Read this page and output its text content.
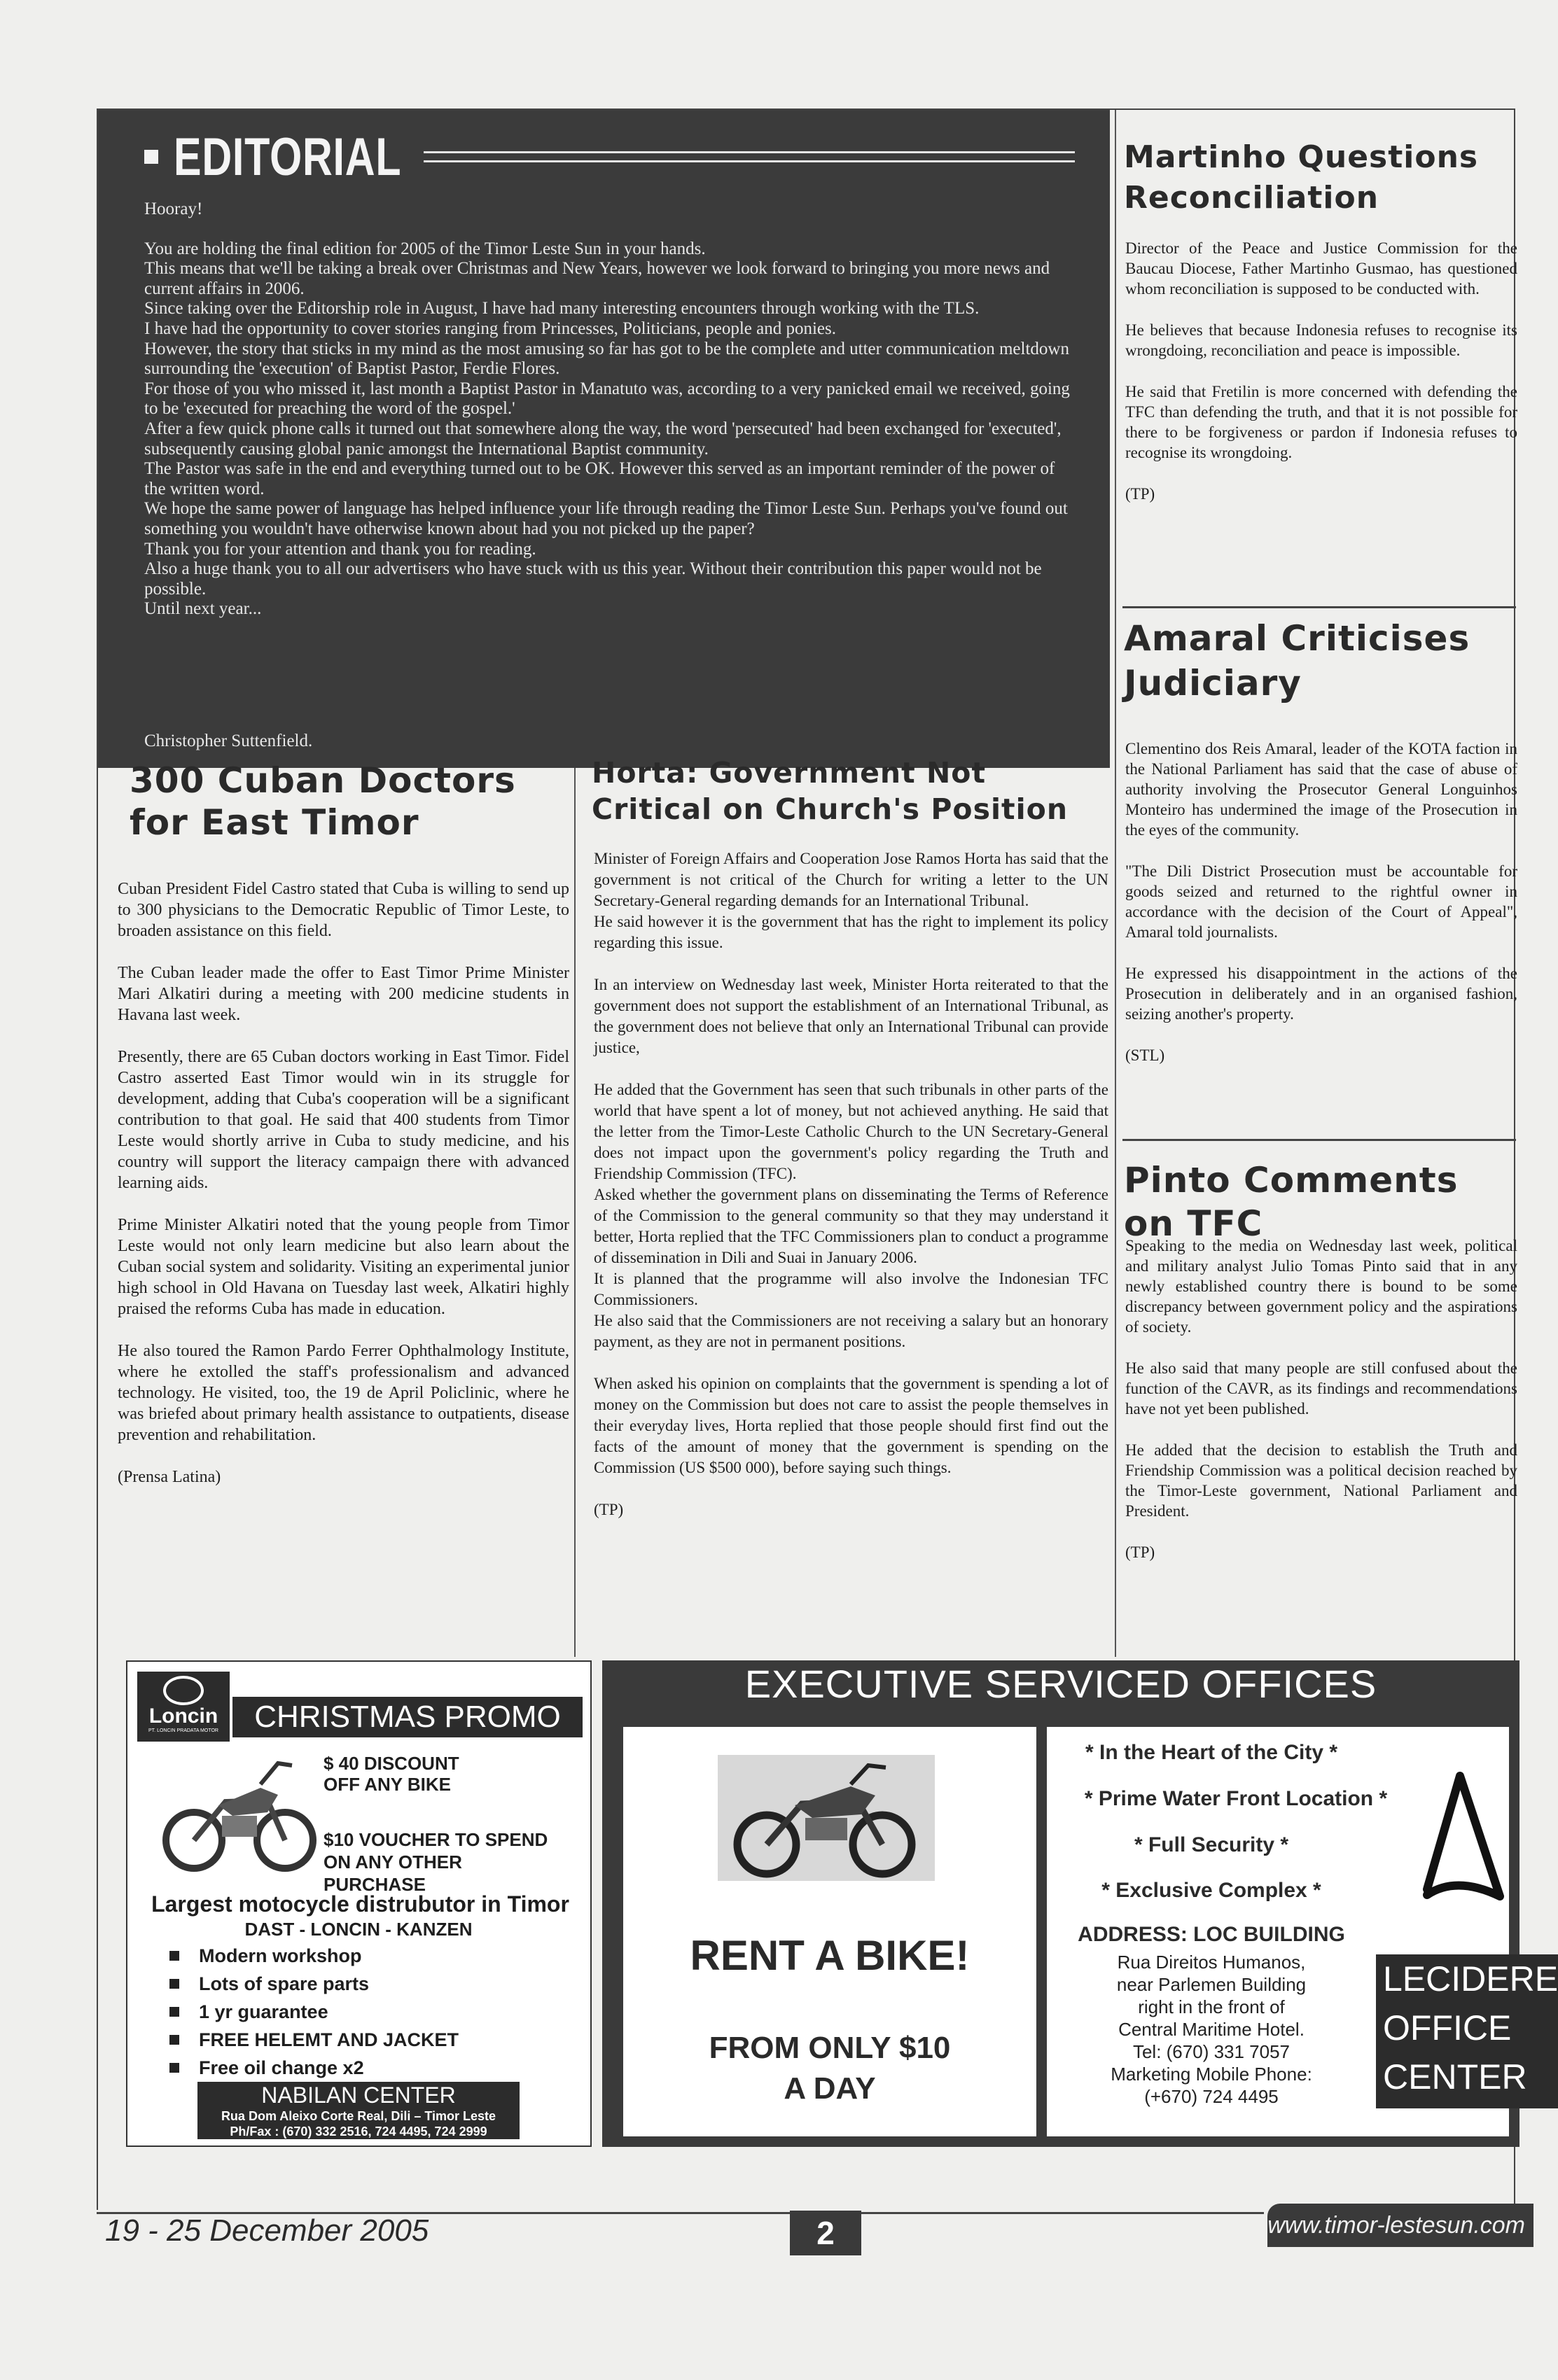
EDITORIAL

Hooray!

You are holding the final edition for 2005 of the Timor Leste Sun in your hands.

This means that we'll be taking a break over Christmas and New Years, however we look forward to bringing you more news and current affairs in 2006.

Since taking over the Editorship role in August, I have had many interesting encounters through working with the TLS.

I have had the opportunity to cover stories ranging from Princesses, Politicians, people and ponies.

However, the story that sticks in my mind as the most amusing so far has got to be the complete and utter communication meltdown surrounding the 'execution' of Baptist Pastor, Ferdie Flores.

For those of you who missed it, last month a Baptist Pastor in Manatuto was, according to a very panicked email we received, going to be 'executed for preaching the word of the gospel.'

After a few quick phone calls it turned out that somewhere along the way, the word 'persecuted' had been exchanged for 'executed', subsequently causing global panic amongst the International Baptist community.

The Pastor was safe in the end and everything turned out to be OK. However this served as an important reminder of the power of the written word.

We hope the same power of language has helped influence your life through reading the Timor Leste Sun. Perhaps you've found out something you wouldn't have otherwise known about had you not picked up the paper?

Thank you for your attention and thank you for reading.

Also a huge thank you to all our advertisers who have stuck with us this year. Without their contribution this paper would not be possible.

Until next year...

Christopher Suttenfield.
300 Cuban Doctors for East Timor

Cuban President Fidel Castro stated that Cuba is willing to send up to 300 physicians to the Democratic Republic of Timor Leste, to broaden assistance on this field.

The Cuban leader made the offer to East Timor Prime Minister Mari Alkatiri during a meeting with 200 medicine students in Havana last week.

Presently, there are 65 Cuban doctors working in East Timor. Fidel Castro asserted East Timor would win in its struggle for development, adding that Cuba's cooperation will be a significant contribution to that goal. He said that 400 students from Timor Leste would shortly arrive in Cuba to study medicine, and his country will support the literacy campaign there with advanced learning aids.

Prime Minister Alkatiri noted that the young people from Timor Leste would not only learn medicine but also learn about the Cuban social system and solidarity. Visiting an experimental junior high school in Old Havana on Tuesday last week, Alkatiri highly praised the reforms Cuba has made in education.

He also toured the Ramon Pardo Ferrer Ophthalmology Institute, where he extolled the staff's professionalism and advanced technology. He visited, too, the 19 de April Policlinic, where he was briefed about primary health assistance to outpatients, disease prevention and rehabilitation.

(Prensa Latina)

Horta: Government Not Critical on Church's Position

Minister of Foreign Affairs and Cooperation Jose Ramos Horta has said that the government is not critical of the Church for writing a letter to the UN Secretary-General regarding demands for an International Tribunal.

He said however it is the government that has the right to implement its policy regarding this issue.

In an interview on Wednesday last week, Minister Horta reiterated to that the government does not support the establishment of an International Tribunal, as the government does not believe that only an International Tribunal can provide justice,

He added that the Government has seen that such tribunals in other parts of the world that have spent a lot of money, but not achieved anything. He said that the letter from the Timor-Leste Catholic Church to the UN Secretary-General does not impact upon the government's policy regarding the Truth and Friendship Commission (TFC).

Asked whether the government plans on disseminating the Terms of Reference of the Commission to the general community so that they may understand it better, Horta replied that the TFC Commissioners plan to conduct a programme of dissemination in Dili and Suai in January 2006.

It is planned that the programme will also involve the Indonesian TFC Commissioners.

He also said that the Commissioners are not receiving a salary but an honorary payment, as they are not in permanent positions.

When asked his opinion on complaints that the government is spending a lot of money on the Commission but does not care to assist the people themselves in their everyday lives, Horta replied that those people should first find out the facts of the amount of money that the government is spending on the Commission (US $500 000), before saying such things.

(TP)

Martinho Questions Reconciliation

Director of the Peace and Justice Commission for the Baucau Diocese, Father Martinho Gusmao, has questioned whom reconciliation is supposed to be conducted with.

He believes that because Indonesia refuses to recognise its wrongdoing, reconciliation and peace is impossible.

He said that Fretilin is more concerned with defending the TFC than defending the truth, and that it is not possible for there to be forgiveness or pardon if Indonesia refuses to recognise its wrongdoing.

(TP)

Amaral Criticises Judiciary

Clementino dos Reis Amaral, leader of the KOTA faction in the National Parliament has said that the case of abuse of authority involving the Prosecutor General Longuinhos Monteiro has undermined the image of the Prosecution in the eyes of the community.

"The Dili District Prosecution must be accountable for goods seized and returned to the rightful owner in accordance with the decision of the Court of Appeal", Amaral told journalists.

He expressed his disappointment in the actions of the Prosecution in deliberately and in an organised fashion, seizing another's property.

(STL)

Pinto Comments on TFC

Speaking to the media on Wednesday last week, political and military analyst Julio Tomas Pinto said that in any newly established country there is bound to be some discrepancy between government policy and the aspirations of society.

He also said that many people are still confused about the function of the CAVR, as its findings and recommendations have not yet been published.

He added that the decision to establish the Truth and Friendship Commission was a political decision reached by the Timor-Leste government, National Parliament and President.

(TP)

Loncin
PT. LONCIN PRADATA MOTOR	CHRISTMAS PROMO
$ 40 DISCOUNT OFF ANY BIKE
$10 VOUCHER TO SPEND ON ANY OTHER PURCHASE
Largest motocycle distrubutor in Timor
DAST - LONCIN - KANZEN
Modern workshop
Lots of spare parts
1 yr guarantee
FREE HELEMT AND JACKET
Free oil change x2
NABILAN CENTER
Rua Dom Aleixo Corte Real, Dili – Timor Leste
Ph/Fax : (670) 332 2516, 724 4495, 724 2999
EXECUTIVE SERVICED OFFICES
RENT A BIKE!
FROM ONLY $10 A DAY
* In the Heart of the City *
* Prime Water Front Location *
* Full Security *
* Exclusive Complex *
ADDRESS: LOC BUILDING
Rua Direitos Humanos,
near Parlemen Building
right in the front of
Central Maritime Hotel.
Tel: (670) 331 7057
Marketing Mobile Phone:
(+670) 724 4495
LECIDERE
OFFICE
CENTER
19 - 25 December 2005	2	www.timor-lestesun.com
